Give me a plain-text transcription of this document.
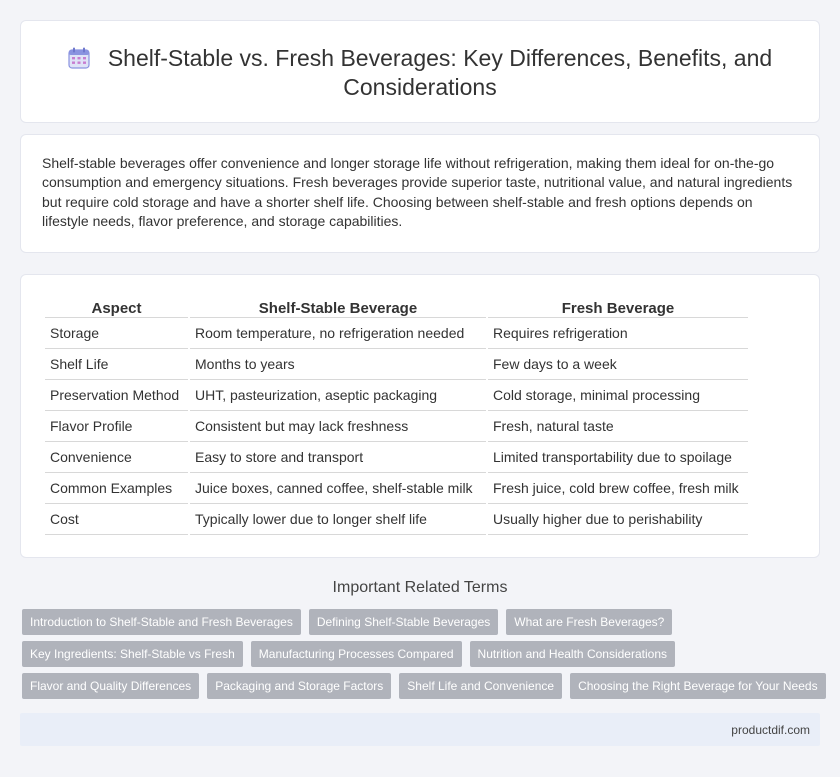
Shelf-Stable vs. Fresh Beverages: Key Differences, Benefits, and Considerations

Shelf-stable beverages offer convenience and longer storage life without refrigeration, making them ideal for on-the-go consumption and emergency situations. Fresh beverages provide superior taste, nutritional value, and natural ingredients but require cold storage and have a shorter shelf life. Choosing between shelf-stable and fresh options depends on lifestyle needs, flavor preference, and storage capabilities.

Aspect	Shelf-Stable Beverage	Fresh Beverage
Storage	Room temperature, no refrigeration needed	Requires refrigeration
Shelf Life	Months to years	Few days to a week
Preservation Method	UHT, pasteurization, aseptic packaging	Cold storage, minimal processing
Flavor Profile	Consistent but may lack freshness	Fresh, natural taste
Convenience	Easy to store and transport	Limited transportability due to spoilage
Common Examples	Juice boxes, canned coffee, shelf-stable milk	Fresh juice, cold brew coffee, fresh milk
Cost	Typically lower due to longer shelf life	Usually higher due to perishability
Important Related Terms
Introduction to Shelf-Stable and Fresh Beverages	Defining Shelf-Stable Beverages	What are Fresh Beverages?
Key Ingredients: Shelf-Stable vs Fresh	Manufacturing Processes Compared	Nutrition and Health Considerations
Flavor and Quality Differences	Packaging and Storage Factors	Shelf Life and Convenience	Choosing the Right Beverage for Your Needs
productdif.com
